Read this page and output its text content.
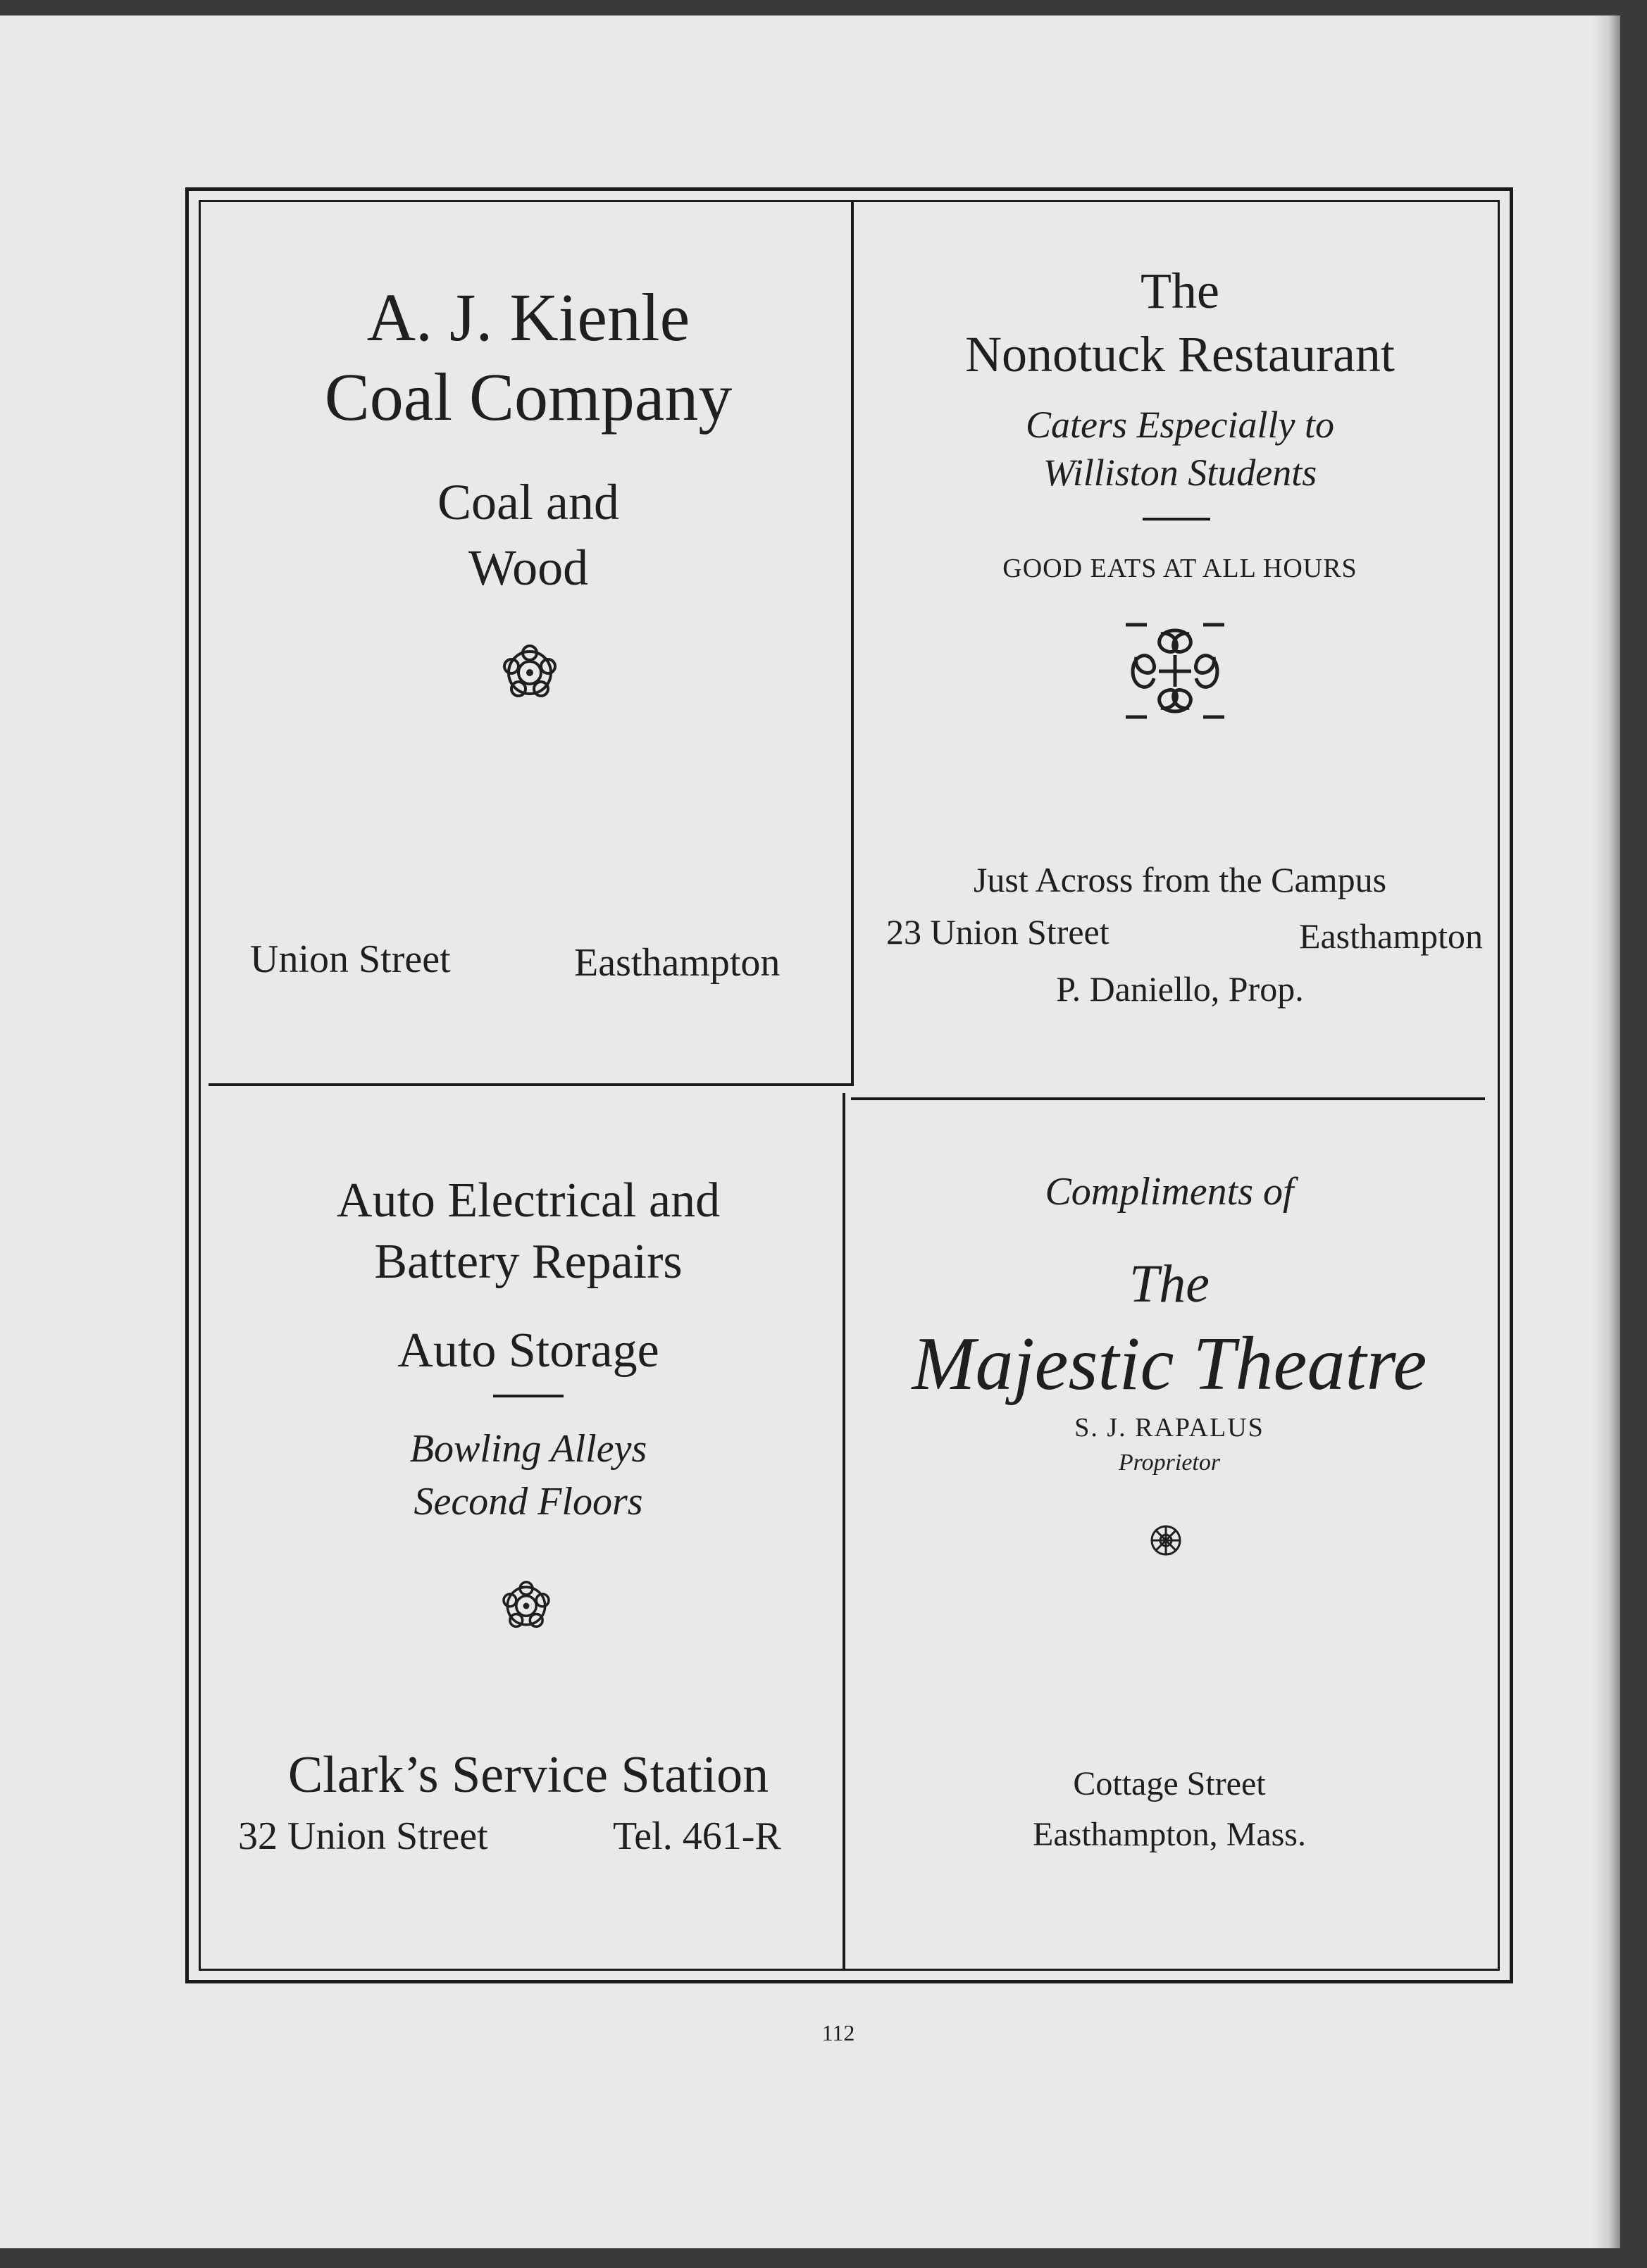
A. J. Kienle

Coal Company

Coal and

Wood

Union Street	Easthampton

The

Nonotuck Restaurant

Caters Especially to

Williston Students

GOOD EATS AT ALL HOURS

Just Across from the Campus

23 Union Street	Easthampton

P. Daniello, Prop.

Auto Electrical and

Battery Repairs

Auto Storage

Bowling Alleys

Second Floors

Clark’s Service Station

32 Union Street	Tel. 461-R

Compliments of

The

Majestic Theatre

S. J. RAPALUS

Proprietor

Cottage Street

Easthampton, Mass.

112
